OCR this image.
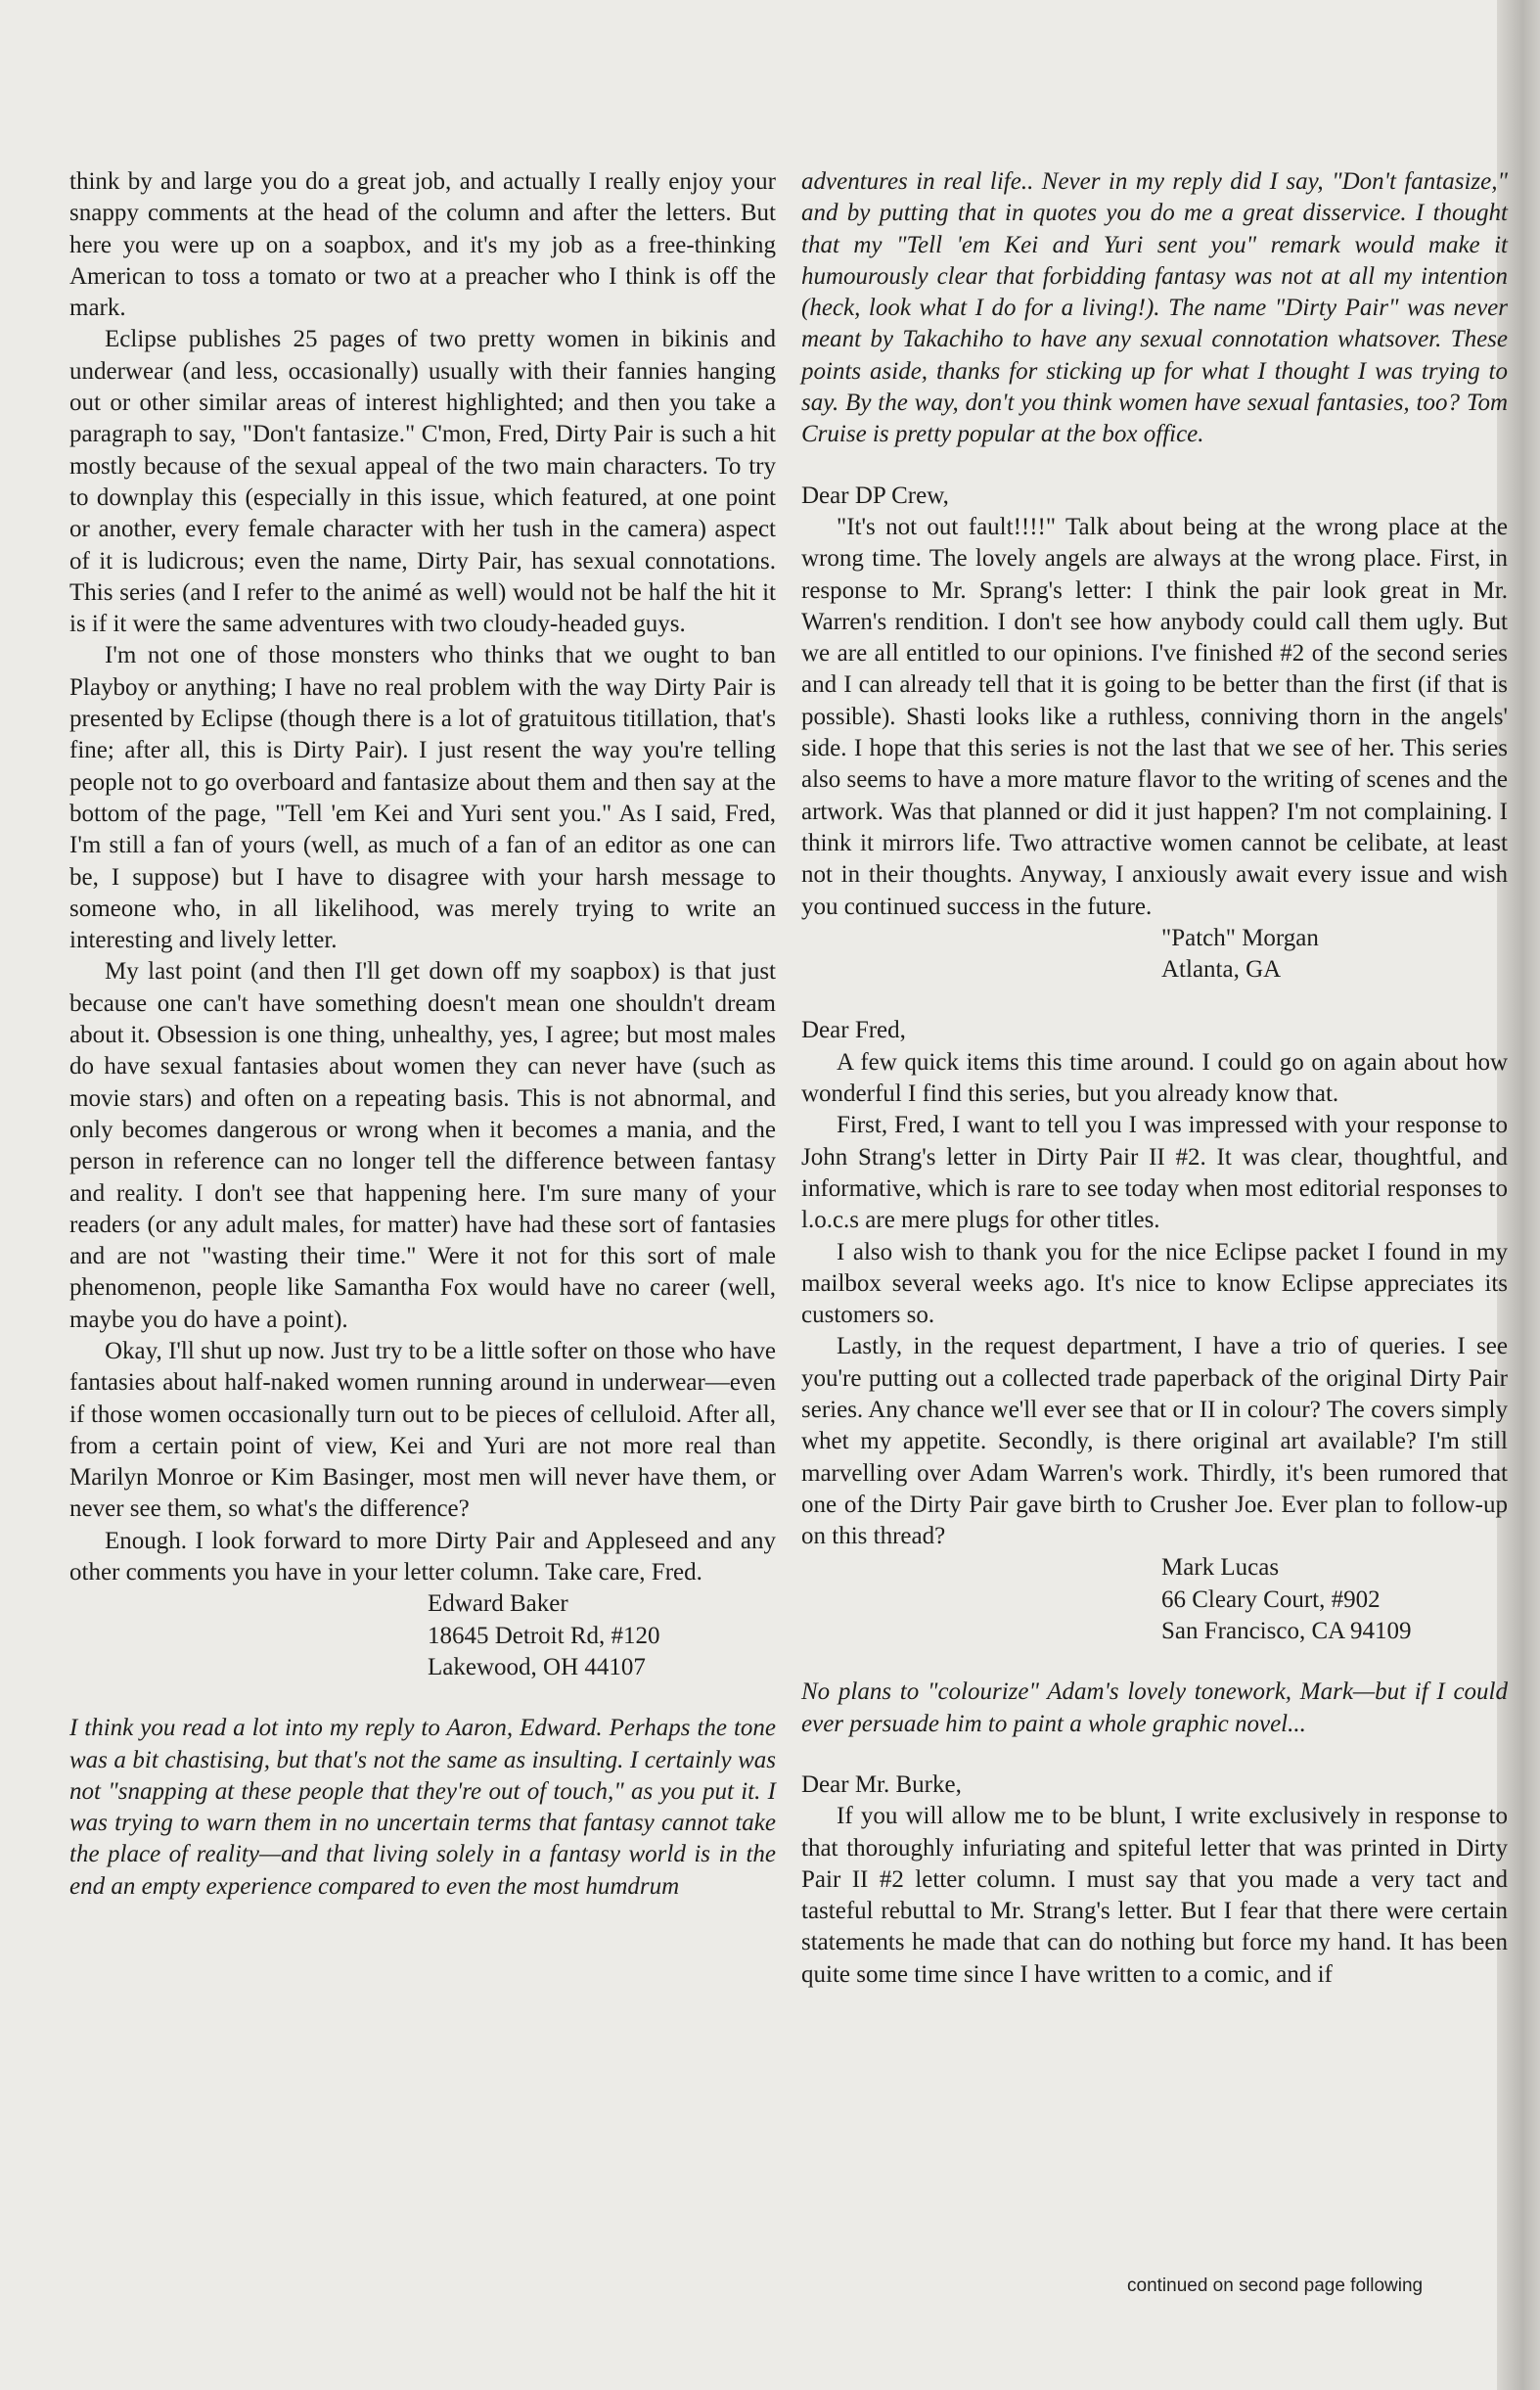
think by and large you do a great job, and actually I really enjoy your snappy comments at the head of the column and after the letters. But here you were up on a soapbox, and it's my job as a free-thinking American to toss a tomato or two at a preacher who I think is off the mark.

Eclipse publishes 25 pages of two pretty women in bikinis and underwear (and less, occasionally) usually with their fannies hanging out or other similar areas of interest highlighted; and then you take a paragraph to say, "Don't fantasize." C'mon, Fred, Dirty Pair is such a hit mostly because of the sexual appeal of the two main characters. To try to downplay this (especially in this issue, which featured, at one point or another, every female character with her tush in the camera) aspect of it is ludicrous; even the name, Dirty Pair, has sexual connotations. This series (and I refer to the animé as well) would not be half the hit it is if it were the same adventures with two cloudy-headed guys.

I'm not one of those monsters who thinks that we ought to ban Playboy or anything; I have no real problem with the way Dirty Pair is presented by Eclipse (though there is a lot of gratuitous titillation, that's fine; after all, this is Dirty Pair). I just resent the way you're telling people not to go overboard and fantasize about them and then say at the bottom of the page, "Tell 'em Kei and Yuri sent you." As I said, Fred, I'm still a fan of yours (well, as much of a fan of an editor as one can be, I suppose) but I have to disagree with your harsh message to someone who, in all likelihood, was merely trying to write an interesting and lively letter.

My last point (and then I'll get down off my soapbox) is that just because one can't have something doesn't mean one shouldn't dream about it. Obsession is one thing, unhealthy, yes, I agree; but most males do have sexual fantasies about women they can never have (such as movie stars) and often on a repeating basis. This is not abnormal, and only becomes dangerous or wrong when it becomes a mania, and the person in reference can no longer tell the difference between fantasy and reality. I don't see that happening here. I'm sure many of your readers (or any adult males, for matter) have had these sort of fantasies and are not "wasting their time." Were it not for this sort of male phenomenon, people like Samantha Fox would have no career (well, maybe you do have a point).

Okay, I'll shut up now. Just try to be a little softer on those who have fantasies about half-naked women running around in underwear—even if those women occasionally turn out to be pieces of celluloid. After all, from a certain point of view, Kei and Yuri are not more real than Marilyn Monroe or Kim Basinger, most men will never have them, or never see them, so what's the difference?

Enough. I look forward to more Dirty Pair and Appleseed and any other comments you have in your letter column. Take care, Fred.

Edward Baker

18645 Detroit Rd, #120

Lakewood, OH 44107

I think you read a lot into my reply to Aaron, Edward. Perhaps the tone was a bit chastising, but that's not the same as insulting. I certainly was not "snapping at these people that they're out of touch," as you put it. I was trying to warn them in no uncertain terms that fantasy cannot take the place of reality—and that living solely in a fantasy world is in the end an empty experience compared to even the most humdrum

adventures in real life.. Never in my reply did I say, "Don't fantasize," and by putting that in quotes you do me a great disservice. I thought that my "Tell 'em Kei and Yuri sent you" remark would make it humourously clear that forbidding fantasy was not at all my intention (heck, look what I do for a living!). The name "Dirty Pair" was never meant by Takachiho to have any sexual connotation whatsover. These points aside, thanks for sticking up for what I thought I was trying to say. By the way, don't you think women have sexual fantasies, too? Tom Cruise is pretty popular at the box office.

Dear DP Crew,

"It's not out fault!!!!" Talk about being at the wrong place at the wrong time. The lovely angels are always at the wrong place. First, in response to Mr. Sprang's letter: I think the pair look great in Mr. Warren's rendition. I don't see how anybody could call them ugly. But we are all entitled to our opinions. I've finished #2 of the second series and I can already tell that it is going to be better than the first (if that is possible). Shasti looks like a ruthless, conniving thorn in the angels' side. I hope that this series is not the last that we see of her. This series also seems to have a more mature flavor to the writing of scenes and the artwork. Was that planned or did it just happen? I'm not complaining. I think it mirrors life. Two attractive women cannot be celibate, at least not in their thoughts. Anyway, I anxiously await every issue and wish you continued success in the future.

"Patch" Morgan

Atlanta, GA

Dear Fred,

A few quick items this time around. I could go on again about how wonderful I find this series, but you already know that.

First, Fred, I want to tell you I was impressed with your response to John Strang's letter in Dirty Pair II #2. It was clear, thoughtful, and informative, which is rare to see today when most editorial responses to l.o.c.s are mere plugs for other titles.

I also wish to thank you for the nice Eclipse packet I found in my mailbox several weeks ago. It's nice to know Eclipse appreciates its customers so.

Lastly, in the request department, I have a trio of queries. I see you're putting out a collected trade paperback of the original Dirty Pair series. Any chance we'll ever see that or II in colour? The covers simply whet my appetite. Secondly, is there original art available? I'm still marvelling over Adam Warren's work. Thirdly, it's been rumored that one of the Dirty Pair gave birth to Crusher Joe. Ever plan to follow-up on this thread?

Mark Lucas

66 Cleary Court, #902

San Francisco, CA 94109

No plans to "colourize" Adam's lovely tonework, Mark—but if I could ever persuade him to paint a whole graphic novel...

Dear Mr. Burke,

If you will allow me to be blunt, I write exclusively in response to that thoroughly infuriating and spiteful letter that was printed in Dirty Pair II #2 letter column. I must say that you made a very tact and tasteful rebuttal to Mr. Strang's letter. But I fear that there were certain statements he made that can do nothing but force my hand. It has been quite some time since I have written to a comic, and if

continued on second page following
